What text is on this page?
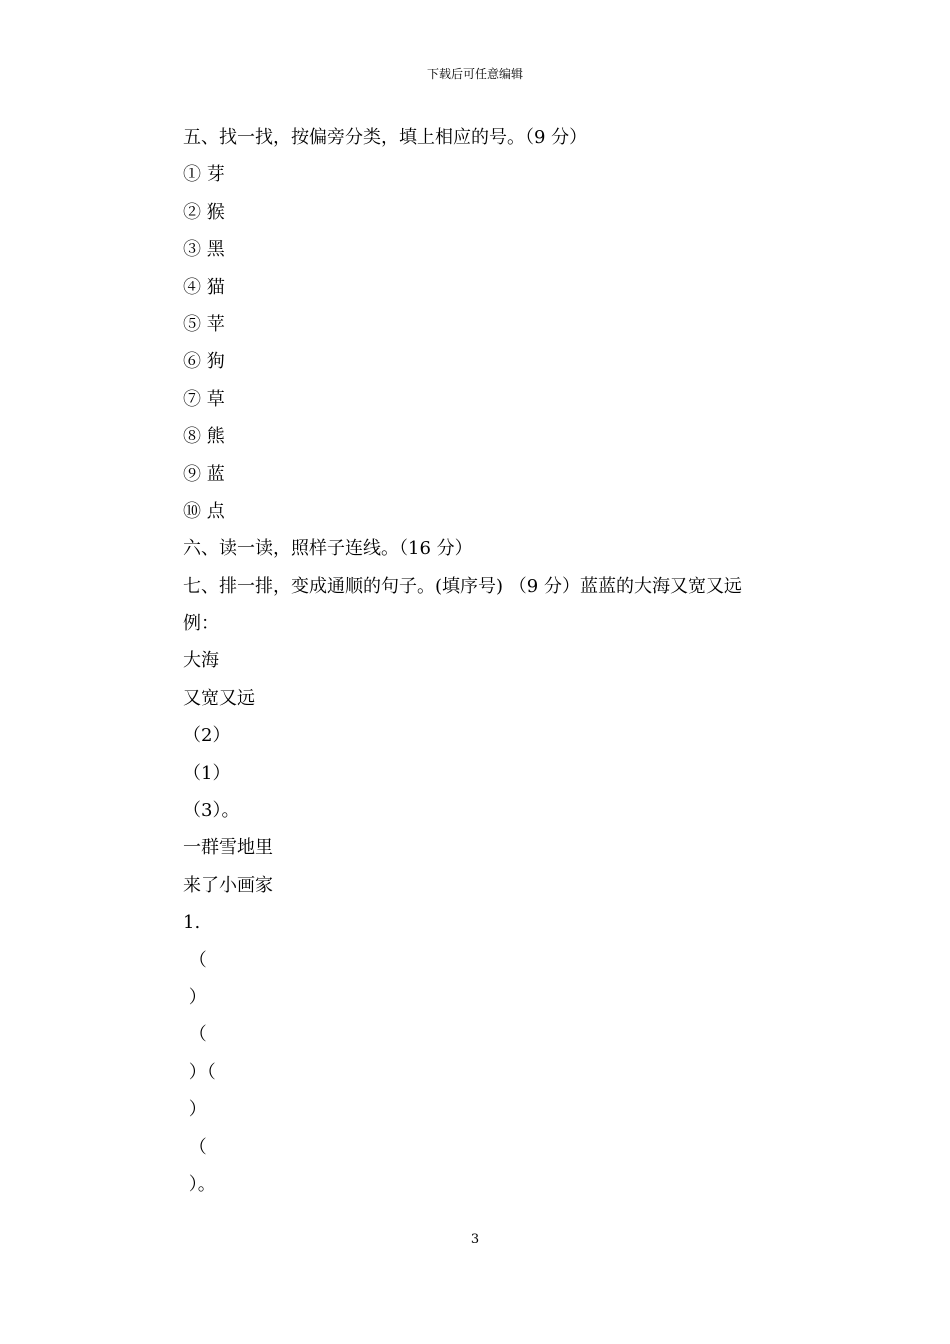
下载后可任意编辑
五、找一找，按偏旁分类，填上相应的号。（9 分）
① 芽
② 猴
③ 黑
④ 猫
⑤ 苹
⑥ 狗
⑦ 草
⑧ 熊
⑨ 蓝
⑩ 点
六、读一读，照样子连线。（16 分）
七、排一排，变成通顺的句子。(填序号) （9 分）蓝蓝的大海又宽又远
例：
大海
又宽又远
（2）
（1）
（3）。
一群雪地里
来了小画家
1.
（
）
（
）（
）
（
）。
3
